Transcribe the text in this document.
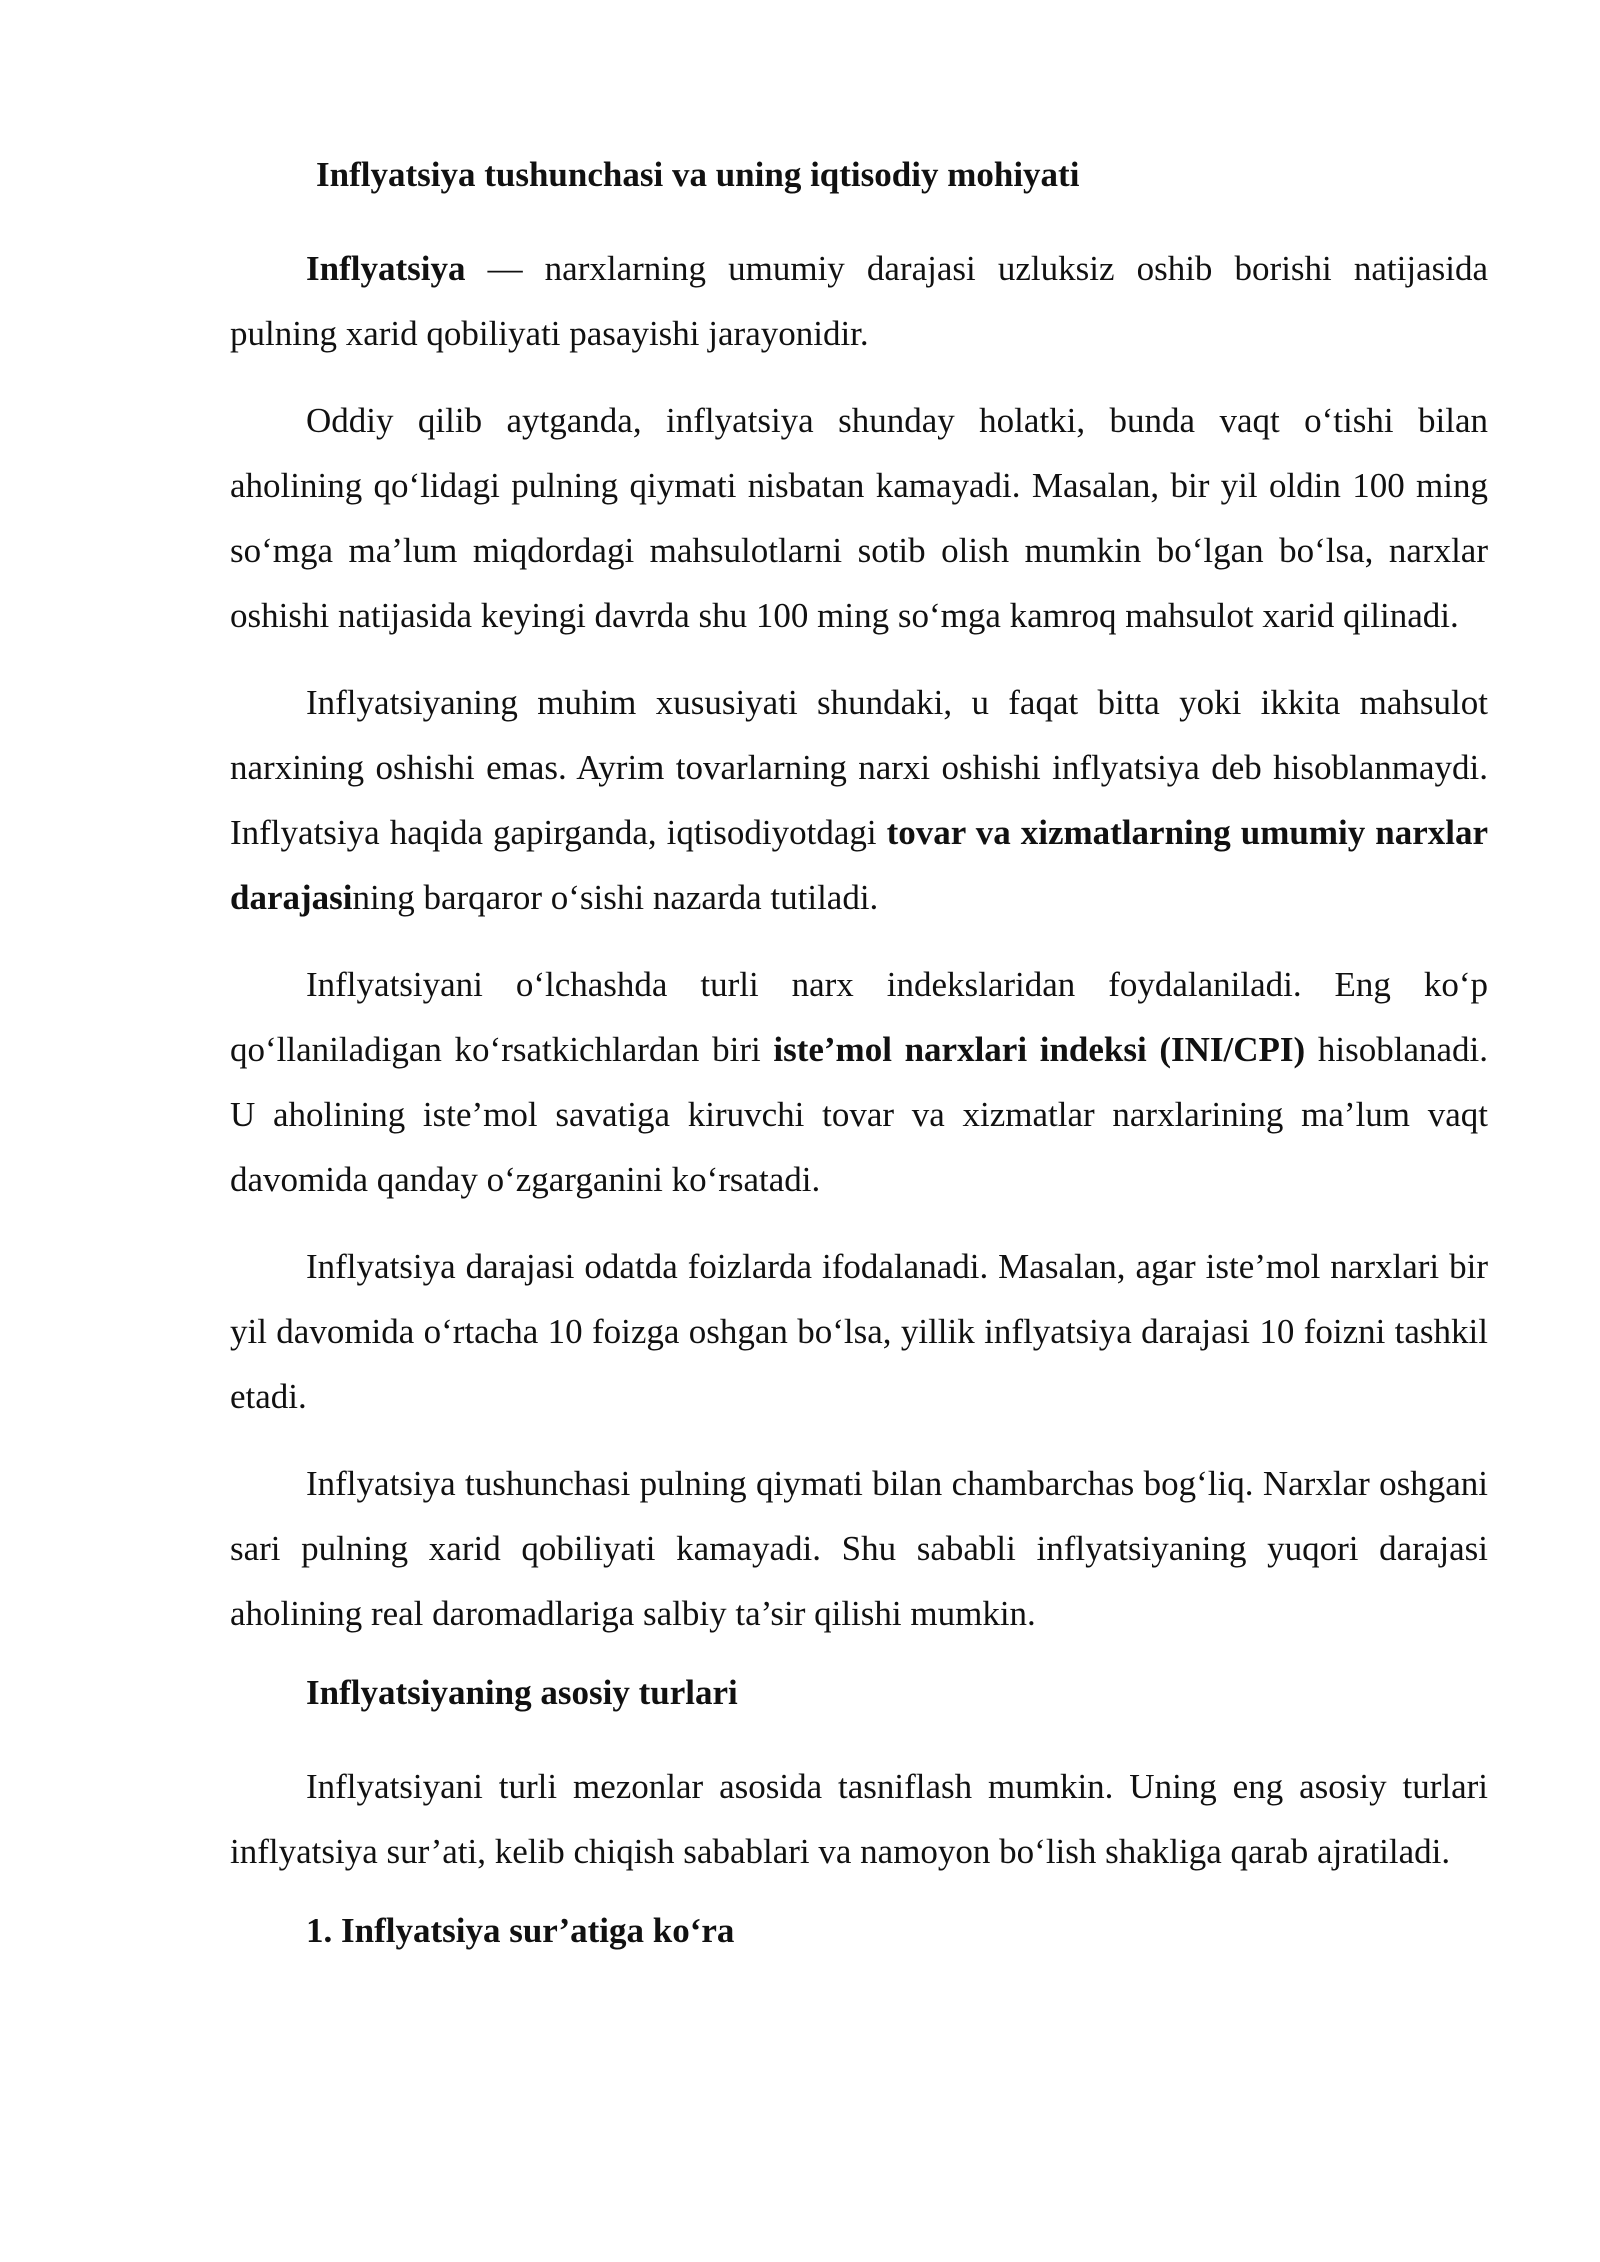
Inflyatsiya tushunchasi va uning iqtisodiy mohiyati

Inflyatsiya — narxlarning umumiy darajasi uzluksiz oshib borishi natijasida pulning xarid qobiliyati pasayishi jarayonidir.

Oddiy qilib aytganda, inflyatsiya shunday holatki, bunda vaqt o‘tishi bilan aholining qo‘lidagi pulning qiymati nisbatan kamayadi. Masalan, bir yil oldin 100 ming so‘mga ma’lum miqdordagi mahsulotlarni sotib olish mumkin bo‘lgan bo‘lsa, narxlar oshishi natijasida keyingi davrda shu 100 ming so‘mga kamroq mahsulot xarid qilinadi.

Inflyatsiyaning muhim xususiyati shundaki, u faqat bitta yoki ikkita mahsulot narxining oshishi emas. Ayrim tovarlarning narxi oshishi inflyatsiya deb hisoblanmaydi. Inflyatsiya haqida gapirganda, iqtisodiyotdagi tovar va xizmatlarning umumiy narxlar darajasining barqaror o‘sishi nazarda tutiladi.

Inflyatsiyani o‘lchashda turli narx indekslaridan foydalaniladi. Eng ko‘p qo‘llaniladigan ko‘rsatkichlardan biri iste’mol narxlari indeksi (INI/CPI) hisoblanadi. U aholining iste’mol savatiga kiruvchi tovar va xizmatlar narxlarining ma’lum vaqt davomida qanday o‘zgarganini ko‘rsatadi.

Inflyatsiya darajasi odatda foizlarda ifodalanadi. Masalan, agar iste’mol narxlari bir yil davomida o‘rtacha 10 foizga oshgan bo‘lsa, yillik inflyatsiya darajasi 10 foizni tashkil etadi.

Inflyatsiya tushunchasi pulning qiymati bilan chambarchas bog‘liq. Narxlar oshgani sari pulning xarid qobiliyati kamayadi. Shu sababli inflyatsiyaning yuqori darajasi aholining real daromadlariga salbiy ta’sir qilishi mumkin.

Inflyatsiyaning asosiy turlari

Inflyatsiyani turli mezonlar asosida tasniflash mumkin. Uning eng asosiy turlari inflyatsiya sur’ati, kelib chiqish sabablari va namoyon bo‘lish shakliga qarab ajratiladi.

1. Inflyatsiya sur’atiga ko‘ra
